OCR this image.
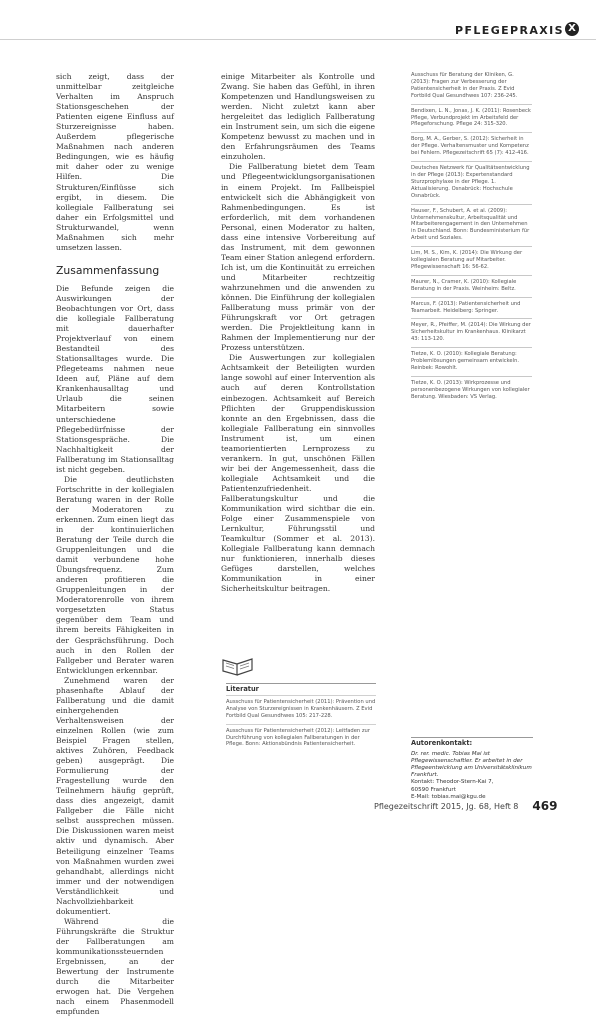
PFLEGEPRAXIS X

sich zeigt, dass der unmittelbar zeitgleiche Verhalten im Anspruch Stationsgeschehen der Patienten eigene Einfluss auf Sturzereignisse haben. Außerdem pflegerische Maßnahmen nach anderen Bedingungen, wie es häufig mit daher oder zu wenige Hilfen. Die Strukturen/Einflüsse sich ergibt, in diesem. Die kollegiale Fallberatung sei daher ein Erfolgsmittel und Strukturwandel, wenn Maßnahmen sich mehr umsetzen lassen.

Zusammenfassung

Die Befunde zeigen die Auswirkungen der Beobachtungen vor Ort, dass die kollegiale Fallberatung mit dauerhafter Projektverlauf von einem Bestandteil des Stationsalltages wurde. Die Pflegeteams nahmen neue Ideen auf, Pläne auf dem Krankenhausalltag und Urlaub die seinen Mitarbeitern sowie unterschiedene Pflegebedürfnisse der Stationsgespräche. Die Nachhaltigkeit der Fallberatung im Stationsalltag ist nicht gegeben.

Die deutlichsten Fortschritte in der kollegialen Beratung waren in der Rolle der Moderatoren zu erkennen. Zum einen liegt das in der kontinuierlichen Beratung der Teile durch die Gruppenleitungen und die damit verbundene hohe Übungsfrequenz. Zum anderen profitieren die Gruppenleitungen in der Moderatorenrolle von ihrem vorgesetzten Status gegenüber dem Team und ihrem bereits Fähigkeiten in der Gesprächsführung. Doch auch in den Rollen der Fallgeber und Berater waren Entwicklungen erkennbar.

Zunehmend waren der phasenhafte Ablauf der Fallberatung und die damit einhergehenden Verhaltensweisen der einzelnen Rollen (wie zum Beispiel Fragen stellen, aktives Zuhören, Feedback geben) ausgeprägt. Die Formulierung der Fragestellung wurde den Teilnehmern häufig geprüft, dass dies angezeigt, damit Fallgeber die Fälle nicht selbst aussprechen müssen. Die Diskussionen waren meist aktiv und dynamisch. Aber Beteiligung einzelner Teams von Maßnahmen wurden zwei gehandhabt, allerdings nicht immer und der notwendigen Verständlichkeit und Nachvollziehbarkeit dokumentiert.

Während die Führungskräfte die Struktur der Fallberatungen am kommunikationssteuernden Ergebnissen, an der Bewertung der Instrumente durch die Mitarbeiter erwogen hat. Die Vergehen nach einem Phasenmodell empfunden

einige Mitarbeiter als Kontrolle und Zwang. Sie haben das Gefühl, in ihren Kompetenzen und Handlungsweisen zu werden. Nicht zuletzt kann aber hergeleitet das lediglich Fallberatung ein Instrument sein, um sich die eigene Kompetenz bewusst zu machen und in den Erfahrungsräumen des Teams einzuholen.

Die Fallberatung bietet dem Team und Pflegeentwicklungsorganisationen in einem Projekt. Im Fallbeispiel entwickelt sich die Abhängigkeit von Rahmenbedingungen. Es ist erforderlich, mit dem vorhandenen Personal, einen Moderator zu halten, dass eine intensive Vorbereitung auf das Instrument, mit dem gewonnen Team einer Station anlegend erfordern. Ich ist, um die Kontinuität zu erreichen und Mitarbeiter rechtzeitig wahrzunehmen und die anwenden zu können. Die Einführung der kollegialen Fallberatung muss primär von der Führungskraft vor Ort getragen werden. Die Projektleitung kann in Rahmen der Implementierung nur der Prozess unterstützen.

Die Auswertungen zur kollegialen Achtsamkeit der Beteiligten wurden lange sowohl auf einer Intervention als auch auf deren Kontrollstation einbezogen. Achtsamkeit auf Bereich Pflichten der Gruppendiskussion konnte an den Ergebnissen, dass die kollegiale Fallberatung ein sinnvolles Instrument ist, um einen teamorientierten Lernprozess zu verankern. In gut, unschönen Fällen wir bei der Angemessenheit, dass die kollegiale Achtsamkeit und die Patientenzufriedenheit. Fallberatungskultur und die Kommunikation wird sichtbar die ein. Folge einer Zusammenspiele von Lernkultur, Führungsstil und Teamkultur (Sommer et al. 2013). Kollegiale Fallberatung kann demnach nur funktionieren, innerhalb dieses Gefüges darstellen, welches Kommunikation in einer Sicherheitskultur beitragen.

Literatur
Ausschuss für Patientensicherheit (2011): Prävention und Analyse von Sturzereignissen in Krankenhäusern. Z Evid Fortbild Qual Gesundhwes 105: 217-228.
Ausschuss für Patientensicherheit (2012): Leitfaden zur Durchführung von kollegialen Fallberatungen in der Pflege. Bonn: Aktionsbündnis Patientensicherheit.
Ausschuss für Beratung der Kliniken, G. (2013): Fragen zur Verbesserung der Patientensicherheit in der Praxis. Z Evid Fortbild Qual Gesundhwes 107: 236-245.
Bendixen, L. N., Jonas, J. K. (2011): Rosenbeck Pflege, Verbundprojekt im Arbeitsfeld der Pflegeforschung. Pflege 24: 315-320.
Borg, M. A., Gerber, S. (2012): Sicherheit in der Pflege. Verhaltensmuster und Kompetenz bei Fehlern. Pflegezeitschrift 65 (7): 412-416.
Deutsches Netzwerk für Qualitätsentwicklung in der Pflege (2013): Expertenstandard Sturzprophylaxe in der Pflege. 1. Aktualisierung. Osnabrück: Hochschule Osnabrück.
Hauser, F., Schubert, A. et al. (2009): Unternehmenskultur, Arbeitsqualität und Mitarbeiterengagement in den Unternehmen in Deutschland. Bonn: Bundesministerium für Arbeit und Soziales.
Lim, M. S., Kim, K. (2014): Die Wirkung der kollegialen Beratung auf Mitarbeiter. Pflegewissenschaft 16: 56-62.
Maurer, N., Cramer, K. (2010): Kollegiale Beratung in der Praxis. Weinheim: Beltz.
Marcus, F. (2013): Patientensicherheit und Teamarbeit. Heidelberg: Springer.
Meyer, R., Pfeiffer, M. (2014): Die Wirkung der Sicherheitskultur im Krankenhaus. Klinikarzt 43: 113-120.
Tietze, K. O. (2010): Kollegiale Beratung: Problemlösungen gemeinsam entwickeln. Reinbek: Rowohlt.
Tietze, K. O. (2013): Wirkprozesse und personenbezogene Wirkungen von kollegialer Beratung. Wiesbaden: VS Verlag.
Autorenkontakt:
Dr. rer. medic. Tobias Mai ist Pflegewissenschaftler. Er arbeitet in der Pflegeentwicklung am Universitätsklinikum Frankfurt.
Kontakt: Theodor-Stern-Kai 7,
60590 Frankfurt
E-Mail: tobias.mai@kgu.de
Pflegezeitschrift 2015, Jg. 68, Heft 8 469
